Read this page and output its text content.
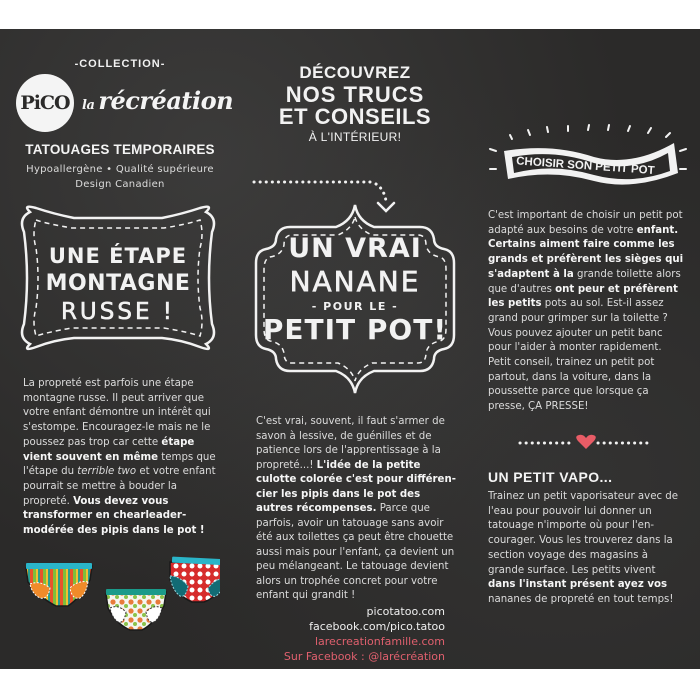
-COLLECTION-
PiCO la récréation
TATOUAGES TEMPORAIRES
Hypoallergène • Qualité supérieure
Design Canadien
UNE ÉTAPE
MONTAGNE
RUSSE !
La propreté est parfois une étape montagne russe. Il peut arriver que votre enfant démontre un intérêt qui s'estompe. Encouragez-le mais ne le poussez pas trop car cette étape vient souvent en même temps que l'étape du terrible two et votre enfant pourrait se mettre à bouder la propreté. Vous devez vous transformer en chearleader-modérée des pipis dans le pot !
DÉCOUVREZ
NOS TRUCS
ET CONSEILS
À L'INTÉRIEUR!
UN VRAI
NANANE
- POUR LE -
PETIT POT!
C'est vrai, souvent, il faut s'armer de savon à lessive, de guénilles et de patience lors de l'apprentissage à la propreté...! L'idée de la petite culotte colorée c'est pour différen-cier les pipis dans le pot des autres récompenses. Parce que parfois, avoir un tatouage sans avoir été aux toilettes ça peut être chouette aussi mais pour l'enfant, ça devient un peu mélangeant. Le tatouage devient alors un trophée concret pour votre enfant qui grandit !
picotatoo.com
facebook.com/pico.tatoo
larecreationfamille.com
Sur Facebook : @larécréation
CHOISIR SON PETIT POT
C'est important de choisir un petit pot adapté aux besoins de votre enfant. Certains aiment faire comme les grands et préfèrent les sièges qui s'adaptent à la grande toilette alors que d'autres ont peur et préfèrent les petits pots au sol. Est-il assez grand pour grimper sur la toilette ? Vous pouvez ajouter un petit banc pour l'aider à monter rapidement. Petit conseil, trainez un petit pot partout, dans la voiture, dans la poussette parce que lorsque ça presse, ÇA PRESSE!
UN PETIT VAPO...
Trainez un petit vaporisateur avec de l'eau pour pouvoir lui donner un tatouage n'importe où pour l'en-courager. Vous les trouverez dans la section voyage des magasins à grande surface. Les petits vivent dans l'instant présent ayez vos nananes de propreté en tout temps!
